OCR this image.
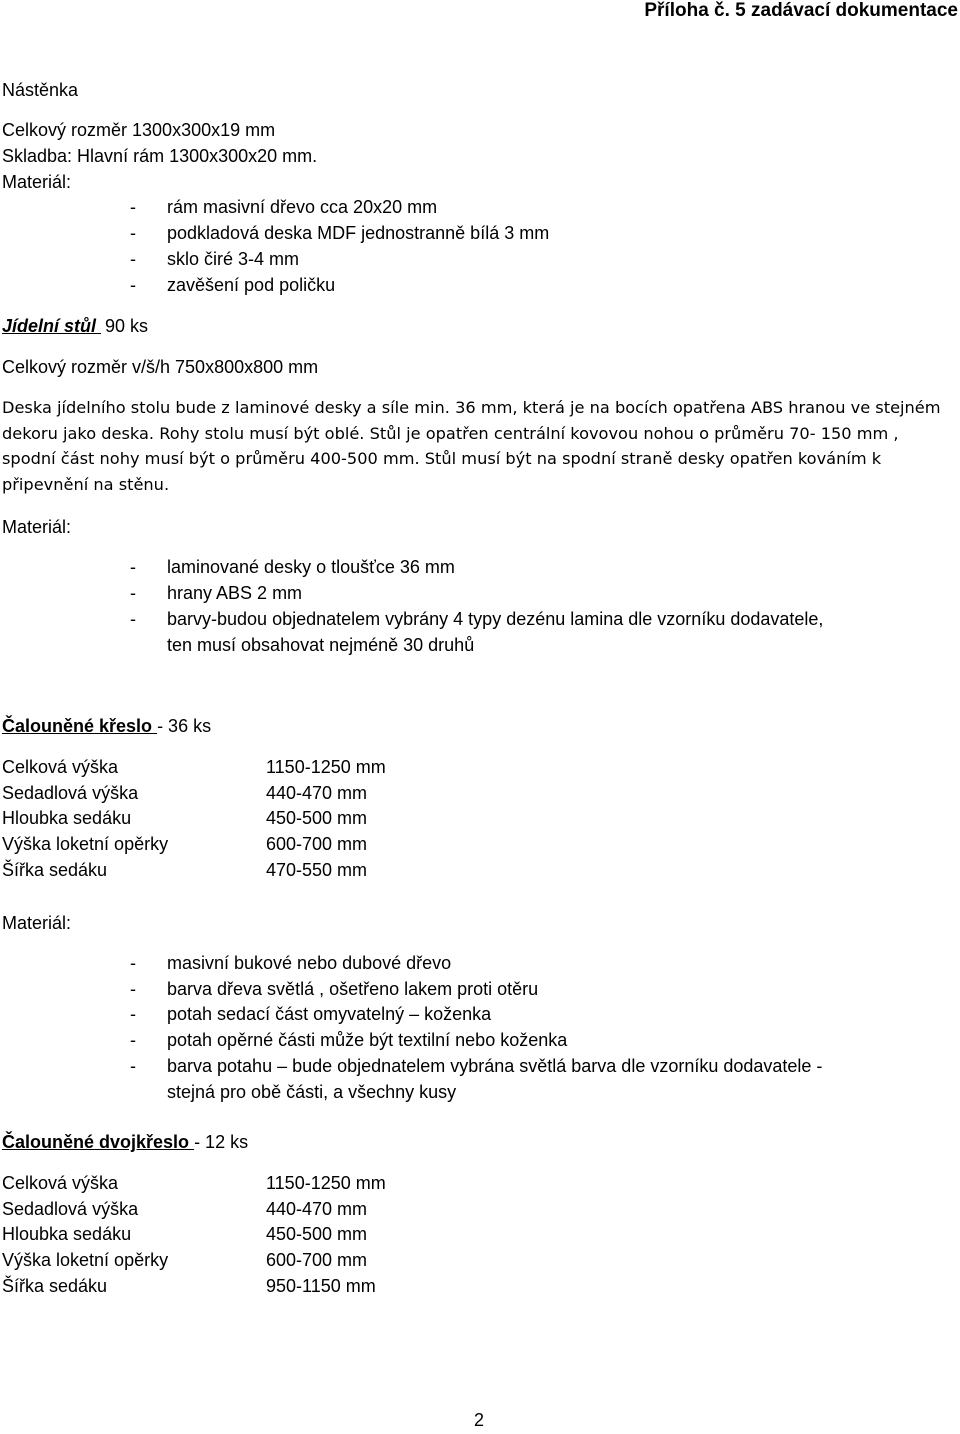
Příloha č. 5 zadávací dokumentace
Nástěnka
Celkový rozměr 1300x300x19 mm
Skladba: Hlavní rám 1300x300x20 mm.
Materiál:
- rám masivní dřevo cca 20x20 mm
- podkladová deska MDF jednostranně bílá 3 mm
- sklo čiré 3-4 mm
- zavěšení pod poličku
Jídelní stůl 90 ks
Celkový rozměr v/š/h 750x800x800 mm
Deska jídelního stolu bude z laminové desky a síle min. 36 mm, která je na bocích opatřena ABS hranou ve stejném dekoru jako deska. Rohy stolu musí být oblé. Stůl je opatřen centrální kovovou nohou o průměru 70- 150 mm , spodní část nohy musí být o průměru 400-500 mm. Stůl musí být na spodní straně desky opatřen kováním k připevnění na stěnu.
Materiál:
- laminované desky o tloušťce 36 mm
- hrany ABS 2 mm
- barvy-budou objednatelem vybrány 4 typy dezénu lamina dle vzorníku dodavatele,
ten musí obsahovat nejméně 30 druhů
Čalouněné křeslo - 36 ks
Celková výška	1150-1250 mm
Sedadlová výška	440-470 mm
Hloubka sedáku	450-500 mm
Výška loketní opěrky	600-700 mm
Šířka sedáku	470-550 mm
Materiál:
- masivní bukové nebo dubové dřevo
- barva dřeva světlá , ošetřeno lakem proti otěru
- potah sedací část omyvatelný – koženka
- potah opěrné části může být textilní nebo koženka
- barva potahu – bude objednatelem vybrána světlá barva dle vzorníku dodavatele -
stejná pro obě části, a všechny kusy
Čalouněné dvojkřeslo - 12 ks
Celková výška	1150-1250 mm
Sedadlová výška	440-470 mm
Hloubka sedáku	450-500 mm
Výška loketní opěrky	600-700 mm
Šířka sedáku	950-1150 mm
2
